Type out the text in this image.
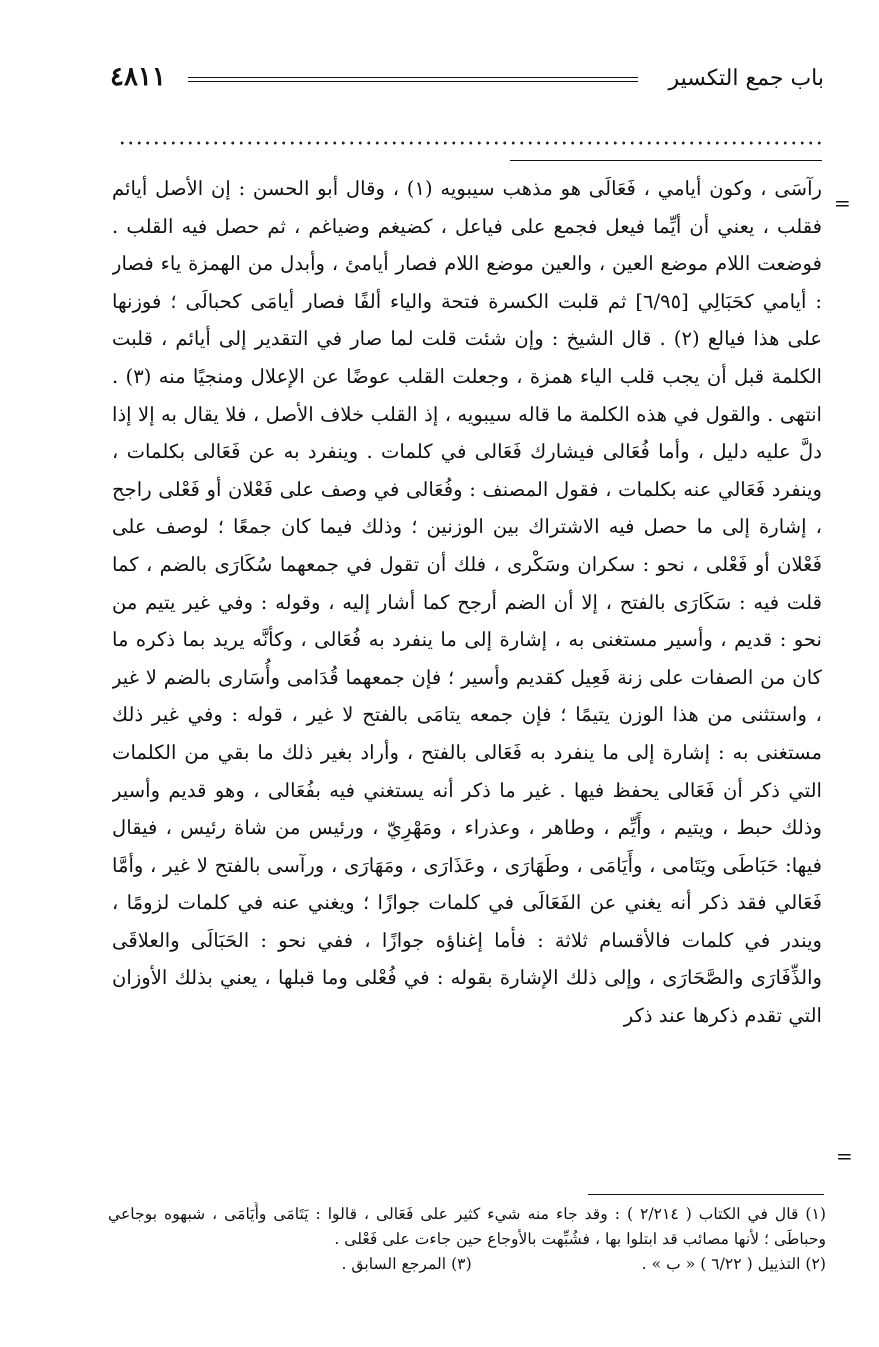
٤٨١١	باب جمع التكسير
=
=

رآسَى ، وكون أيامي ، فَعَالَى هو مذهب سيبويه (١) ، وقال أبو الحسن : إن الأصل أيائم فقلب ، يعني أن أيِّما فيعل فجمع على فياعل ، كضيغم وضياغم ، ثم حصل فيه القلب . فوضعت اللام موضع العين ، والعين موضع اللام فصار أيامئ ، وأبدل من الهمزة ياء فصار : أيامي كحَبَالِي [٦/٩٥] ثم قلبت الكسرة فتحة والياء ألفًا فصار أيامَى كحبالَى ؛ فوزنها على هذا فيالع (٢) . قال الشيخ : وإن شئت قلت لما صار في التقدير إلى أيائم ، قلبت الكلمة قبل أن يجب قلب الياء همزة ، وجعلت القلب عوضًا عن الإعلال ومنجيًا منه (٣) . انتهى . والقول في هذه الكلمة ما قاله سيبويه ، إذ القلب خلاف الأصل ، فلا يقال به إلا إذا دلَّ عليه دليل ، وأما فُعَالى فيشارك فَعَالى في كلمات . وينفرد به عن فَعَالى بكلمات ، وينفرد فَعَالي عنه بكلمات ، فقول المصنف : وفُعَالى في وصف على فَعْلان أو فَعْلى راجح ، إشارة إلى ما حصل فيه الاشتراك بين الوزنين ؛ وذلك فيما كان جمعًا ؛ لوصف على فَعْلان أو فَعْلى ، نحو : سكران وسَكْرى ، فلك أن تقول في جمعهما سُكَارَى بالضم ، كما قلت فيه : سَكَارَى بالفتح ، إلا أن الضم أرجح كما أشار إليه ، وقوله : وفي غير يتيم من نحو : قديم ، وأسير مستغنى به ، إشارة إلى ما ينفرد به فُعَالى ، وكأنَّه يريد بما ذكره ما كان من الصفات على زنة فَعِيل كقديم وأسير ؛ فإن جمعهما قُدَامى وأُسَارى بالضم لا غير ، واستثنى من هذا الوزن يتيمًا ؛ فإن جمعه يتامَى بالفتح لا غير ، قوله : وفي غير ذلك مستغنى به : إشارة إلى ما ينفرد به فَعَالى بالفتح ، وأراد بغير ذلك ما بقي من الكلمات التي ذكر أن فَعَالى يحفظ فيها . غير ما ذكر أنه يستغني فيه بفُعَالى ، وهو قديم وأسير وذلك حبط ، ويتيم ، وأَيِّم ، وطاهر ، وعذراء ، ومَهْرِيّ ، ورئيس من شاة رئيس ، فيقال فيها: حَبَاطَى ويَتَامى ، وأَيَامَى ، وطَهَارَى ، وعَذَارَى ، ومَهَارَى ، ورآسى بالفتح لا غير ، وأمَّا فَعَالي فقد ذكر أنه يغني عن الفَعَالَى في كلمات جوازًا ؛ ويغني عنه في كلمات لزومًا ، ويندر في كلمات فالأقسام ثلاثة : فأما إغناؤه جوازًا ، ففي نحو : الحَبَالَى والعلاقَى والذِّفَارَى والصَّحَارَى ، وإلى ذلك الإشارة بقوله : في فُعْلى وما قبلها ، يعني بذلك الأوزان التي تقدم ذكرها عند ذكر

(١) قال في الكتاب ( ٢/٢١٤ ) : وقد جاء منه شيء كثير على فَعَالى ، قالوا : يَتَامَى وأَيَامَى ، شبهوه بوجاعي وحباطَى ؛ لأنها مصائب قد ابتلوا بها ، فشُبِّهت بالأوجاع حين جاءت على فَعْلى .

(٢) التذييل ( ٦/٢٢ ) « ب » .
(٣) المرجع السابق .
